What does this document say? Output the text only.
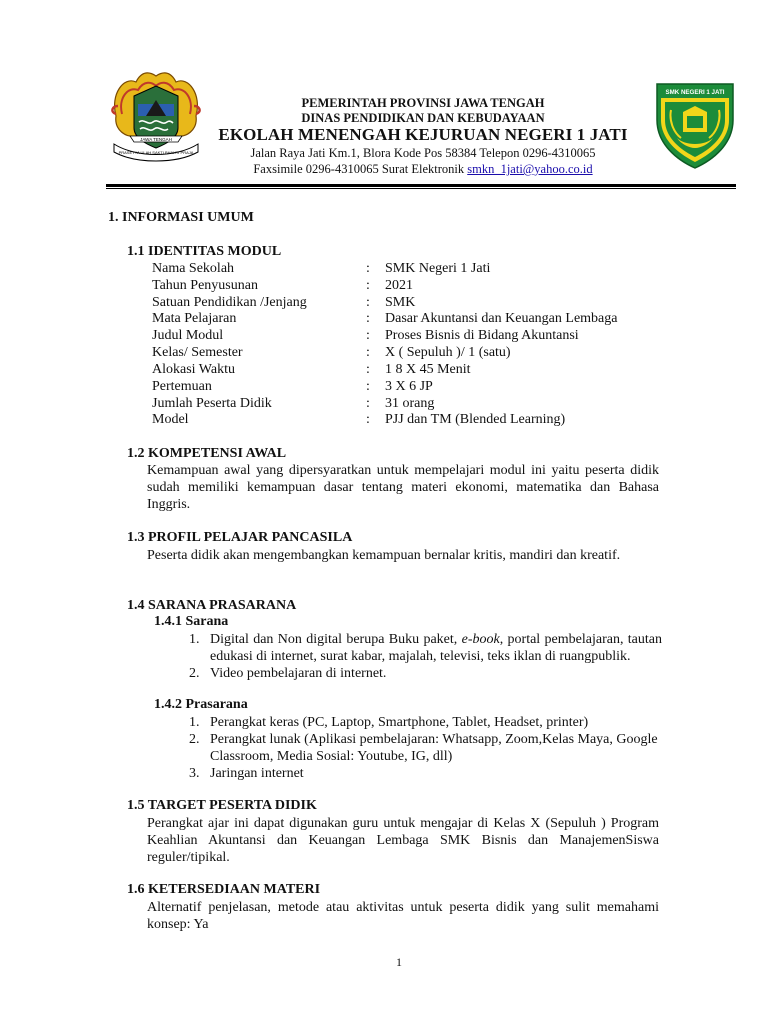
JAWA TENGAH
PRASETYA ULAH SAKTI BHAKTI PRAJA
PEMERINTAH PROVINSI JAWA TENGAH
DINAS PENDIDIKAN DAN KEBUDAYAAN
EKOLAH MENENGAH KEJURUAN NEGERI 1 JATI
Jalan Raya Jati Km.1, Blora Kode Pos 58384 Telepon 0296-4310065
Faxsimile 0296-4310065 Surat Elektronik smkn_1jati@yahoo.co.id
SMK NEGERI 1 JATI
1. INFORMASI UMUM
1.1 IDENTITAS MODUL
Nama Sekolah	: SMK Negeri 1 Jati
Tahun Penyusunan	: 2021
Satuan Pendidikan /Jenjang	: SMK
Mata Pelajaran	: Dasar Akuntansi dan Keuangan Lembaga
Judul Modul	: Proses Bisnis di Bidang Akuntansi
Kelas/ Semester	: X ( Sepuluh )/ 1 (satu)
Alokasi Waktu	: 1 8 X 45 Menit
Pertemuan	: 3 X 6 JP
Jumlah Peserta Didik	: 31 orang
Model	: PJJ dan TM (Blended Learning)
1.2 KOMPETENSI AWAL
Kemampuan awal yang dipersyaratkan untuk mempelajari modul ini yaitu peserta didik sudah memiliki kemampuan dasar tentang materi ekonomi, matematika dan Bahasa Inggris.
1.3 PROFIL PELAJAR PANCASILA
Peserta didik akan mengembangkan kemampuan bernalar kritis, mandiri dan kreatif.
1.4 SARANA PRASARANA
1.4.1 Sarana
1. Digital dan Non digital berupa Buku paket, e-book, portal pembelajaran, tautan edukasi di internet, surat kabar, majalah, televisi, teks iklan di ruangpublik.
2. Video pembelajaran di internet.
1.4.2 Prasarana
1. Perangkat keras (PC, Laptop, Smartphone, Tablet, Headset, printer)
2. Perangkat lunak (Aplikasi pembelajaran: Whatsapp, Zoom,Kelas Maya, Google Classroom, Media Sosial: Youtube, IG, dll)
3. Jaringan internet
1.5 TARGET PESERTA DIDIK
Perangkat ajar ini dapat digunakan guru untuk mengajar di Kelas X (Sepuluh ) Program Keahlian Akuntansi dan Keuangan Lembaga SMK Bisnis dan ManajemenSiswa reguler/tipikal.
1.6 KETERSEDIAAN MATERI
Alternatif penjelasan, metode atau aktivitas untuk peserta didik yang sulit memahami konsep: Ya
1
